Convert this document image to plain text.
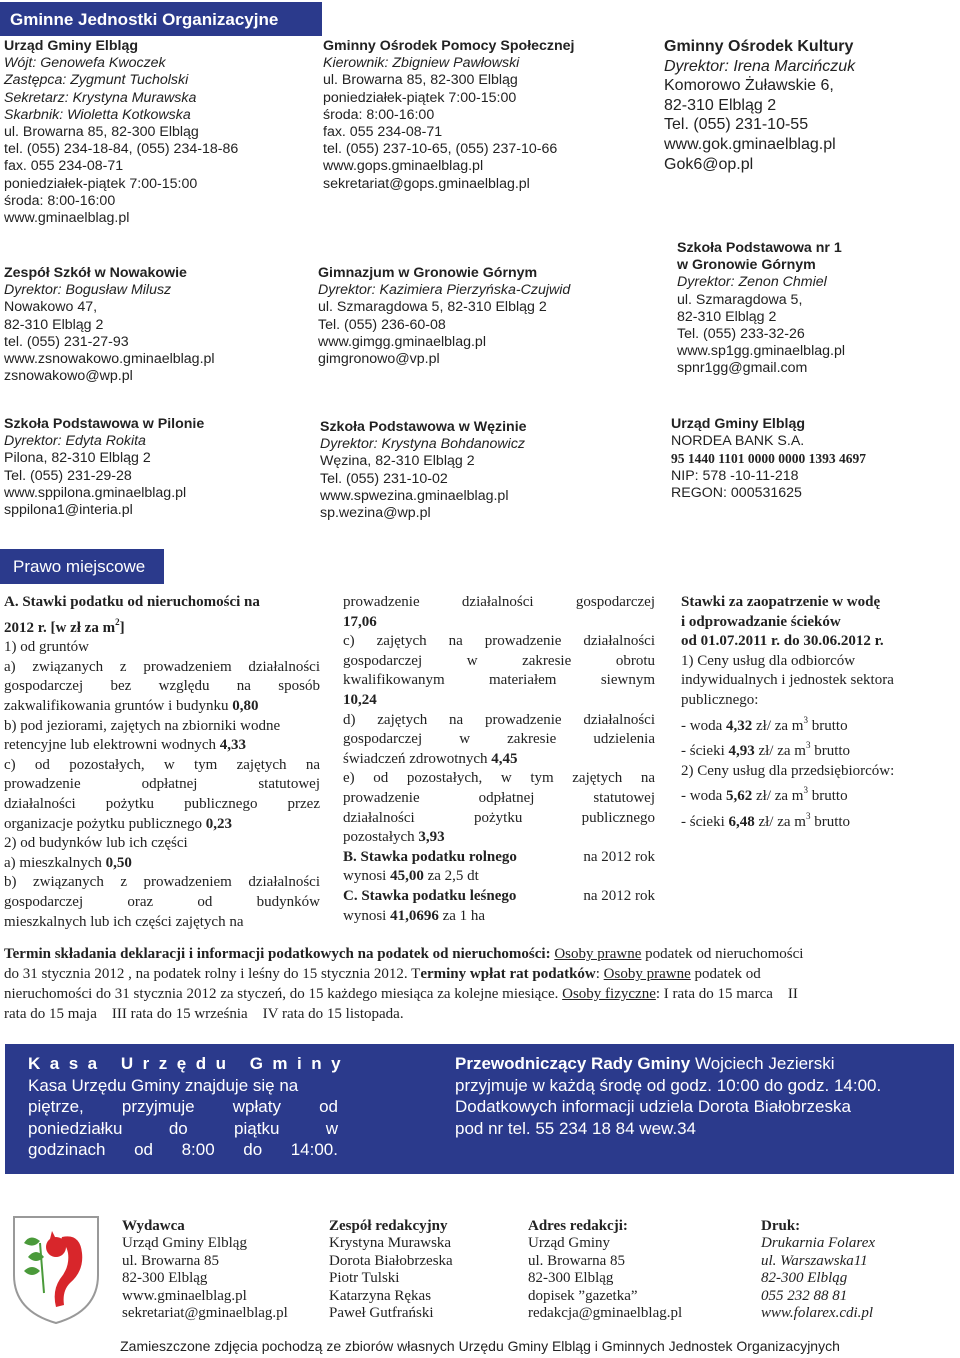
Gminne Jednostki Organizacyjne
Urząd Gminy Elbląg
Wójt: Genowefa Kwoczek
Zastępca: Zygmunt Tucholski
Sekretarz: Krystyna Murawska
Skarbnik: Wioletta Kotkowska
ul. Browarna 85, 82-300 Elbląg
tel. (055) 234-18-84, (055) 234-18-86
fax. 055 234-08-71
poniedziałek-piątek 7:00-15:00
środa: 8:00-16:00
www.gminaelblag.pl
Gminny Ośrodek Pomocy Społecznej
Kierownik: Zbigniew Pawłowski
ul. Browarna 85, 82-300 Elbląg
poniedziałek-piątek 7:00-15:00
środa: 8:00-16:00
fax. 055 234-08-71
tel. (055) 237-10-65, (055) 237-10-66
www.gops.gminaelblag.pl
sekretariat@gops.gminaelblag.pl
Gminny Ośrodek Kultury
Dyrektor: Irena Marcińczuk
Komorowo Żuławskie 6,
82-310 Elbląg 2
Tel. (055) 231-10-55
www.gok.gminaelblag.pl
Gok6@op.pl
Zespół Szkół w Nowakowie
Dyrektor: Bogusław Milusz
Nowakowo 47,
82-310 Elbląg 2
tel. (055) 231-27-93
www.zsnowakowo.gminaelblag.pl
zsnowakowo@wp.pl
Gimnazjum w Gronowie Górnym
Dyrektor: Kazimiera Pierzyńska-Czujwid
ul. Szmaragdowa 5, 82-310 Elbląg 2
Tel. (055) 236-60-08
www.gimgg.gminaelblag.pl
gimgronowo@vp.pl
Szkoła Podstawowa nr 1
w Gronowie Górnym
Dyrektor: Zenon Chmiel
ul. Szmaragdowa 5,
82-310 Elbląg 2
Tel. (055) 233-32-26
www.sp1gg.gminaelblag.pl
spnr1gg@gmail.com
Szkoła Podstawowa w Pilonie
Dyrektor: Edyta Rokita
Pilona, 82-310 Elbląg 2
Tel. (055) 231-29-28
www.sppilona.gminaelblag.pl
sppilona1@interia.pl
Szkoła Podstawowa w Węzinie
Dyrektor: Krystyna Bohdanowicz
Węzina, 82-310 Elbląg 2
Tel. (055) 231-10-02
www.spwezina.gminaelblag.pl
sp.wezina@wp.pl
Urząd Gminy Elbląg
NORDEA BANK S.A.
95 1440 1101 0000 0000 1393 4697
NIP: 578 -10-11-218
REGON: 000531625
Prawo miejscowe
A. Stawki podatku od nieruchomości na
2012 r. [w zł za $m^2$]
1) od gruntów
a) związanych z prowadzeniem działalności
gospodarczej bez względu na sposób
zakwalifikowania gruntów i budynku 0,80
b) pod jeziorami, zajętych na zbiorniki wodne
retencyjne lub elektrowni wodnych 4,33
c) od pozostałych, w tym zajętych na
prowadzenie odpłatnej statutowej
działalności pożytku publicznego przez
organizacje pożytku publicznego 0,23
2) od budynków lub ich części
a) mieszkalnych 0,50
b) związanych z prowadzeniem działalności
gospodarczej oraz od budynków
mieszkalnych lub ich części zajętych na
prowadzenie działalności gospodarczej
17,06
c) zajętych na prowadzenie działalności
gospodarczej w zakresie obrotu
kwalifikowanym materiałem siewnym
10,24
d) zajętych na prowadzenie działalności
gospodarczej w zakresie udzielenia
świadczeń zdrowotnych 4,45
e) od pozostałych, w tym zajętych na
prowadzenie odpłatnej statutowej
działalności pożytku publicznego
pozostałych 3,93
B. Stawka podatku rolnego	na 2012 rok
wynosi 45,00 za 2,5 dt
C. Stawka podatku leśnego	na 2012 rok
wynosi 41,0696 za 1 ha
Stawki za zaopatrzenie w wodę
i odprowadzanie ścieków
od 01.07.2011 r. do 30.06.2012 r.
1) Ceny usług dla odbiorców
indywidualnych i jednostek sektora
publicznego:
- woda 4,32 zł/ za $m^3$ brutto
- ścieki 4,93 zł/ za $m^3$ brutto
2) Ceny usług dla przedsiębiorców:
- woda 5,62 zł/ za $m^3$ brutto
- ścieki 6,48 zł/ za $m^3$ brutto
Termin składania deklaracji i informacji podatkowych na podatek od nieruchomości: Osoby prawne podatek od nieruchomości
do 31 stycznia 2012 , na podatek rolny i leśny do 15 stycznia 2012. Terminy wpłat rat podatków: Osoby prawne podatek od
nieruchomości do 31 stycznia 2012 za styczeń, do 15 każdego miesiąca za kolejne miesiące. Osoby fizyczne: I rata do 15 marca    II
rata do 15 maja    III rata do 15 września    IV rata do 15 listopada.
Kasa Urzędu Gminy
Kasa Urzędu Gminy znajduje się na
piętrze, przyjmuje wpłaty od
poniedziałku do piątku w
godzinach od 8:00 do 14:00.
Przewodniczący Rady Gminy Wojciech Jezierski
przyjmuje w każdą środę od godz. 10:00 do godz. 14:00.
Dodatkowych informacji udziela Dorota Białobrzeska
pod nr tel. 55 234 18 84 wew.34
Wydawca
Urząd Gminy Elbląg
ul. Browarna 85
82-300 Elbląg
www.gminaelblag.pl
sekretariat@gminaelblag.pl
Zespół redakcyjny
Krystyna Murawska
Dorota Białobrzeska
Piotr Tulski
Katarzyna Rękas
Paweł Gutfrański
Adres redakcji:
Urząd Gminy
ul. Browarna 85
82-300 Elbląg
dopisek ”gazetka”
redakcja@gminaelblag.pl
Druk:
Drukarnia Folarex
ul. Warszawska11
82-300 Elbląg
055 232 88 81
www.folarex.cdi.pl
Zamieszczone zdjęcia pochodzą ze zbiorów własnych Urzędu Gminy Elbląg i Gminnych Jednostek Organizacyjnych
